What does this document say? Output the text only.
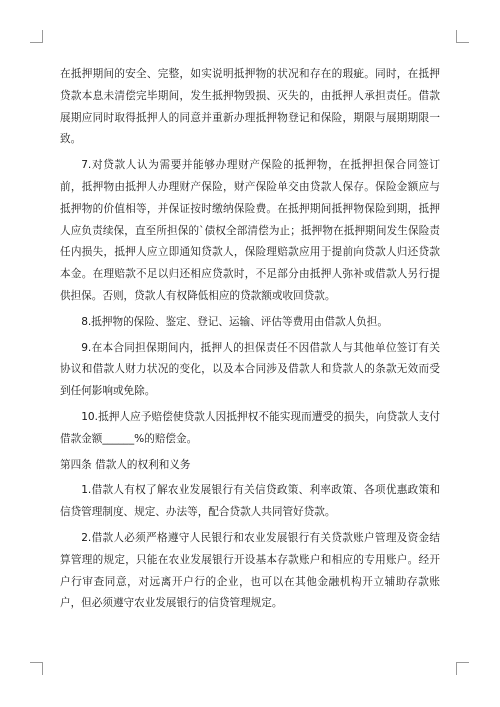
在抵押期间的安全、完整，如实说明抵押物的状况和存在的瑕疵。同时，在抵押贷款本息未清偿完毕期间，发生抵押物毁损、灭失的，由抵押人承担责任。借款展期应同时取得抵押人的同意并重新办理抵押物登记和保险，期限与展期期限一致。

7.对贷款人认为需要并能够办理财产保险的抵押物，在抵押担保合同签订前，抵押物由抵押人办理财产保险，财产保险单交由贷款人保存。保险金额应与抵押物的价值相等，并保证按时缴纳保险费。在抵押期间抵押物保险到期，抵押人应负责续保，直至所担保的`债权全部清偿为止；抵押物在抵押期间发生保险责任内损失，抵押人应立即通知贷款人，保险理赔款应用于提前向贷款人归还贷款本金。在理赔款不足以归还相应贷款时，不足部分由抵押人弥补或借款人另行提供担保。否则，贷款人有权降低相应的贷款额或收回贷款。

8.抵押物的保险、鉴定、登记、运输、评估等费用由借款人负担。

9.在本合同担保期间内，抵押人的担保责任不因借款人与其他单位签订有关协议和借款人财力状况的变化，以及本合同涉及借款人和贷款人的条款无效而受到任何影响或免除。

10.抵押人应予赔偿使贷款人因抵押权不能实现而遭受的损失，向贷款人支付借款金额______%的赔偿金。

第四条 借款人的权利和义务

1.借款人有权了解农业发展银行有关信贷政策、利率政策、各项优惠政策和信贷管理制度、规定、办法等，配合贷款人共同管好贷款。

2.借款人必须严格遵守人民银行和农业发展银行有关贷款账户管理及资金结算管理的规定，只能在农业发展银行开设基本存款账户和相应的专用账户。经开户行审查同意，对远离开户行的企业，也可以在其他金融机构开立辅助存款账户，但必须遵守农业发展银行的信贷管理规定。
